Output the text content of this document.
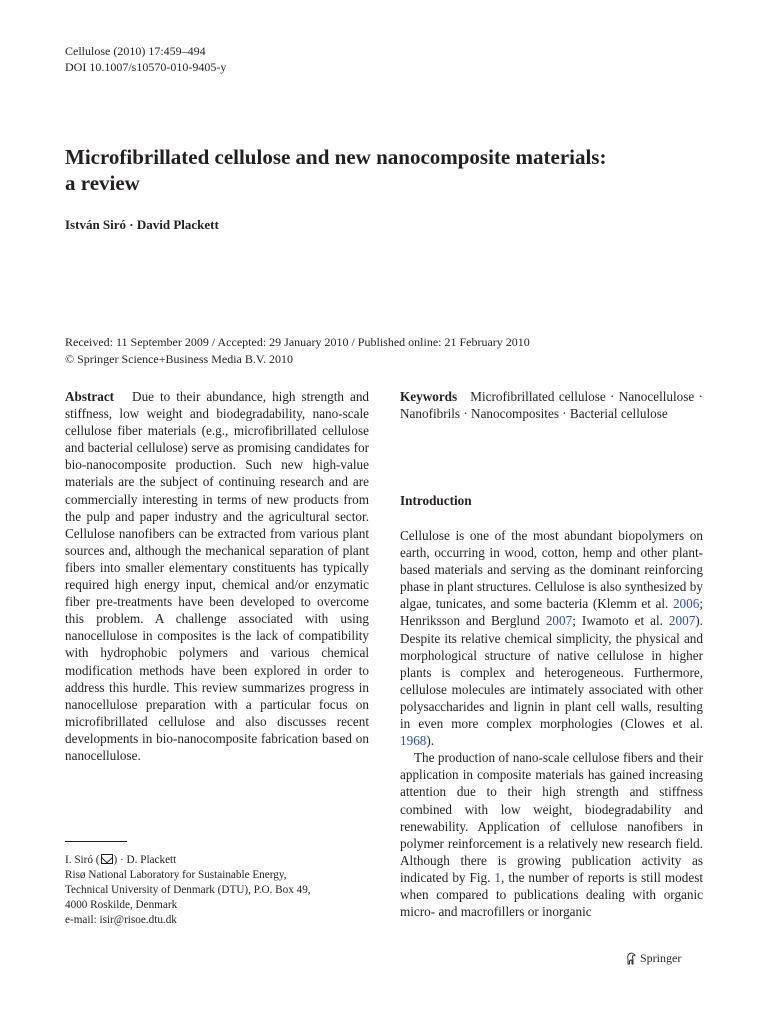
Cellulose (2010) 17:459–494
DOI 10.1007/s10570-010-9405-y
Microfibrillated cellulose and new nanocomposite materials:
a review
István Siró · David Plackett
Received: 11 September 2009 / Accepted: 29 January 2010 / Published online: 21 February 2010
© Springer Science+Business Media B.V. 2010
Abstract Due to their abundance, high strength and stiffness, low weight and biodegradability, nano-scale cellulose fiber materials (e.g., microfibrillated cellulose and bacterial cellulose) serve as promising candidates for bio-nanocomposite production. Such new high-value materials are the subject of continuing research and are commercially interesting in terms of new products from the pulp and paper industry and the agricultural sector. Cellulose nanofibers can be extracted from various plant sources and, although the mechanical separation of plant fibers into smaller elementary constituents has typically required high energy input, chemical and/or enzymatic fiber pre-treatments have been developed to overcome this problem. A challenge associated with using nanocellulose in composites is the lack of compatibility with hydrophobic polymers and various chemical modification methods have been explored in order to address this hurdle. This review summarizes progress in nanocellulose preparation with a particular focus on microfibrillated cellulose and also discusses recent developments in bio-nanocomposite fabrication based on nanocellulose.
Keywords Microfibrillated cellulose · Nanocellulose · Nanofibrils · Nanocomposites · Bacterial cellulose
Introduction

Cellulose is one of the most abundant biopolymers on earth, occurring in wood, cotton, hemp and other plant-based materials and serving as the dominant reinforcing phase in plant structures. Cellulose is also synthesized by algae, tunicates, and some bacteria (Klemm et al. 2006; Henriksson and Berglund 2007; Iwamoto et al. 2007). Despite its relative chemical simplicity, the physical and morphological structure of native cellulose in higher plants is complex and heterogeneous. Furthermore, cellulose molecules are intimately associated with other polysaccharides and lignin in plant cell walls, resulting in even more complex morphologies (Clowes et al. 1968).

The production of nano-scale cellulose fibers and their application in composite materials has gained increasing attention due to their high strength and stiffness combined with low weight, biodegradability and renewability. Application of cellulose nanofibers in polymer reinforcement is a relatively new research field. Although there is growing publication activity as indicated by Fig. 1, the number of reports is still modest when compared to publications dealing with organic micro- and macrofillers or inorganic

I. Siró ( ) · D. Plackett
Risø National Laboratory for Sustainable Energy,
Technical University of Denmark (DTU), P.O. Box 49,
4000 Roskilde, Denmark
e-mail: isir@risoe.dtu.dk
Springer
